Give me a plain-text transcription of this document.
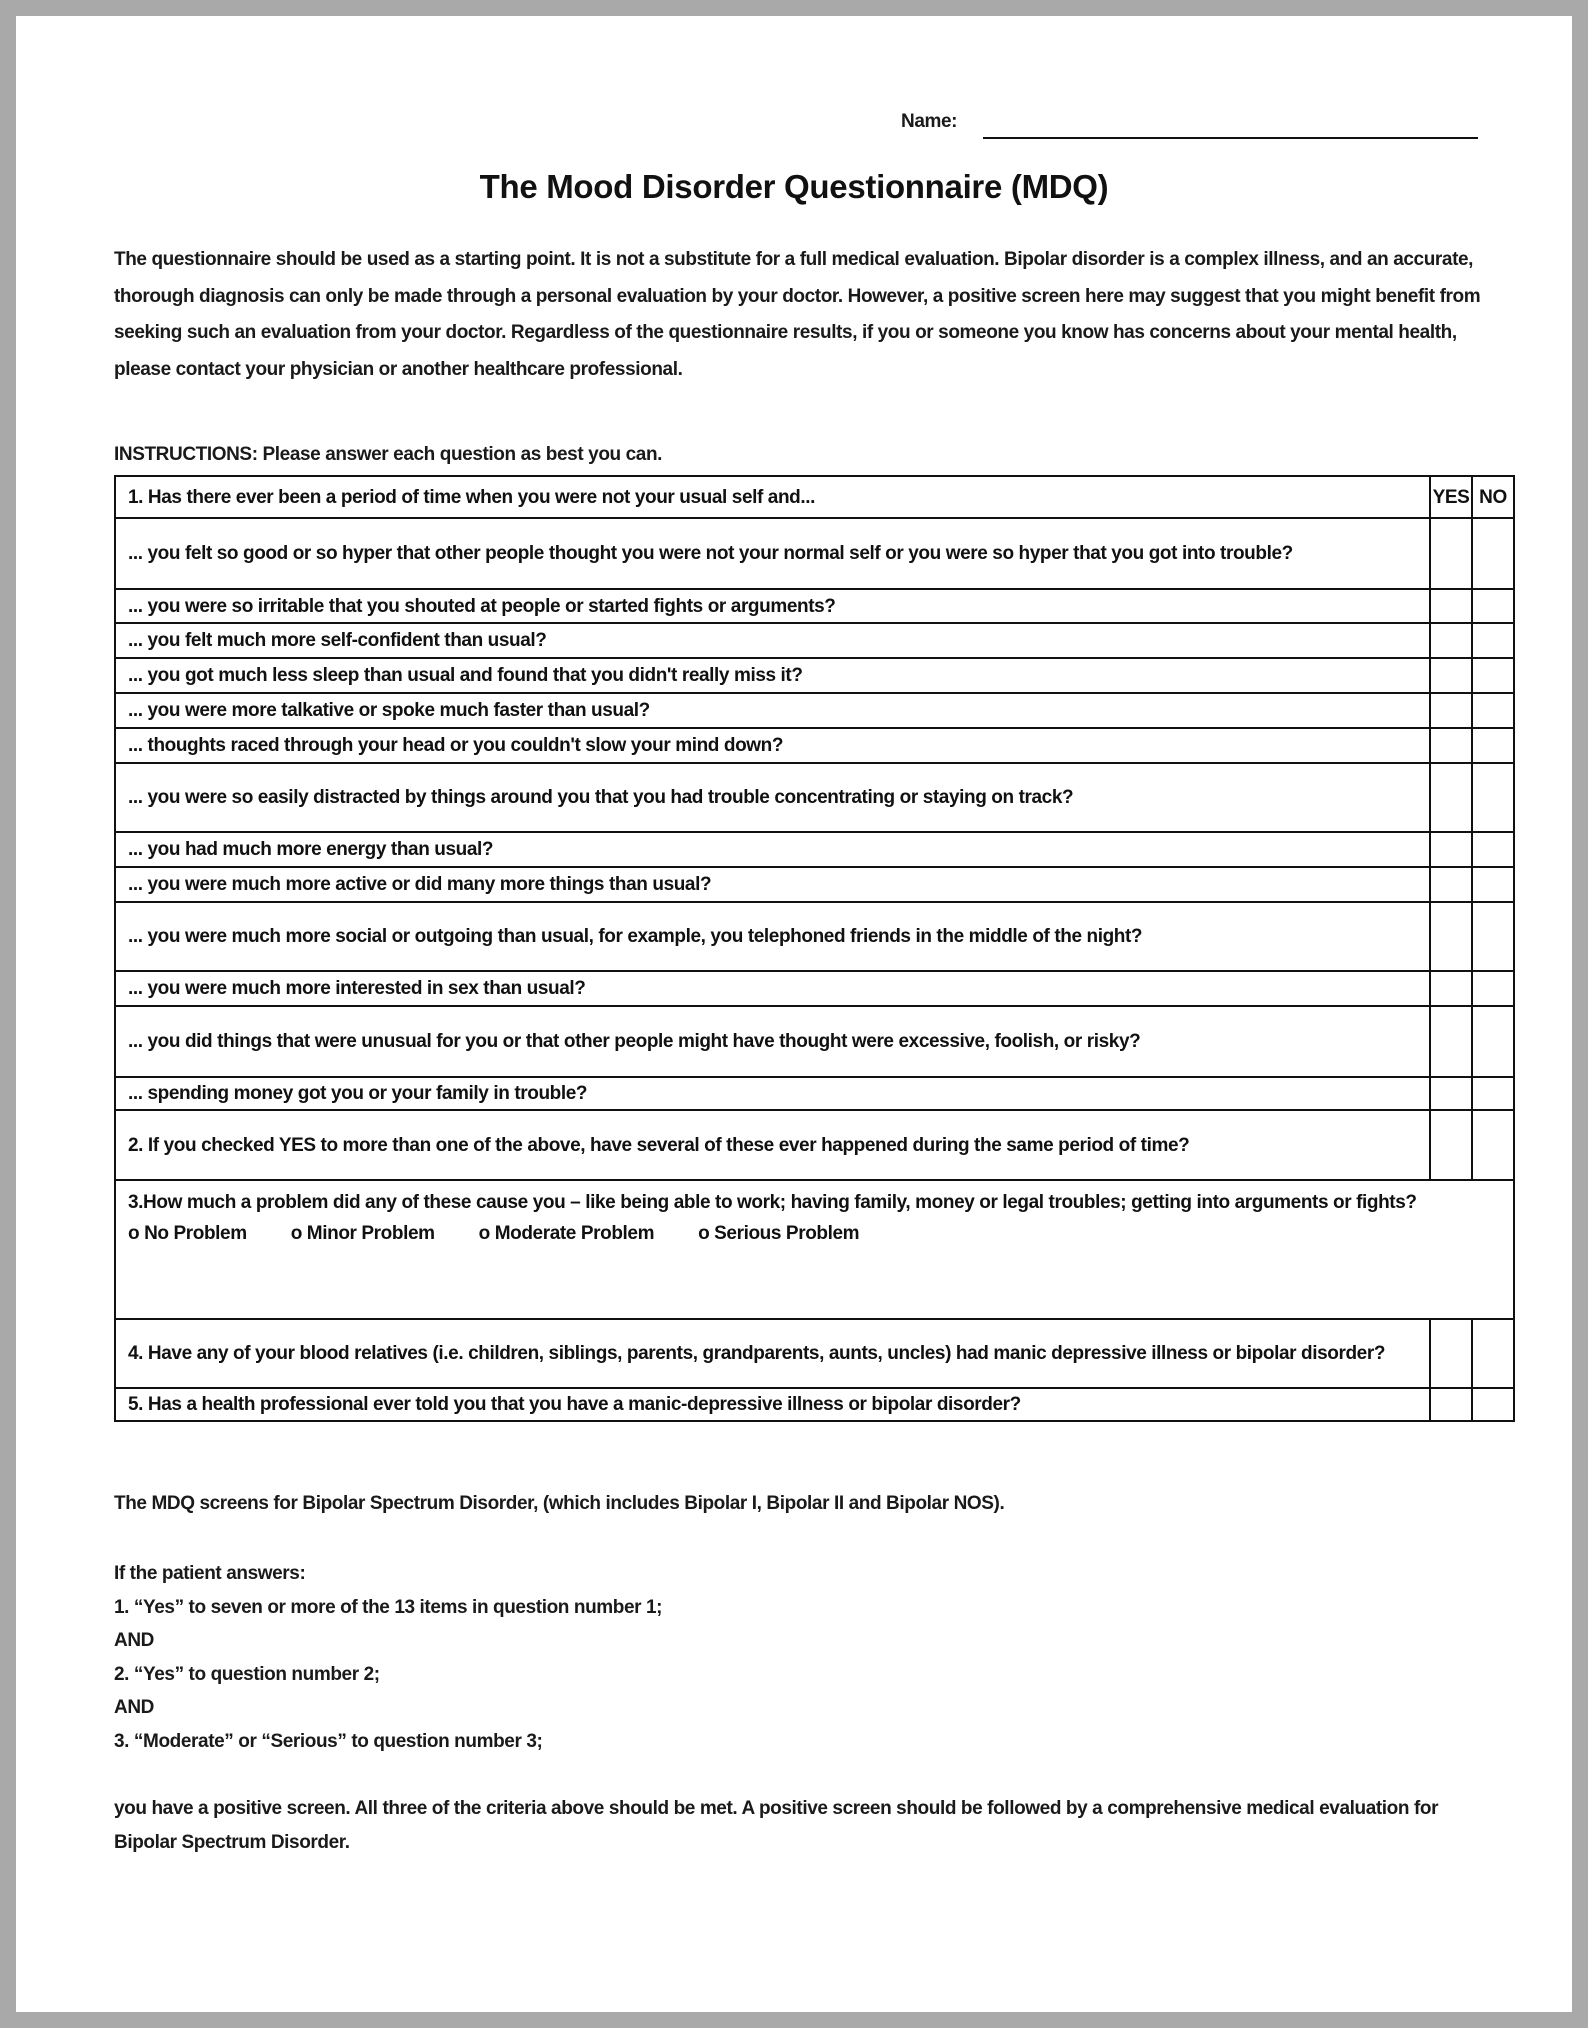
Name:
The Mood Disorder Questionnaire (MDQ)
The questionnaire should be used as a starting point. It is not a substitute for a full medical evaluation. Bipolar disorder is a complex illness, and an accurate, thorough diagnosis can only be made through a personal evaluation by your doctor. However, a positive screen here may suggest that you might benefit from seeking such an evaluation from your doctor. Regardless of the questionnaire results, if you or someone you know has concerns about your mental health, please contact your physician or another healthcare professional.
INSTRUCTIONS: Please answer each question as best you can.
1. Has there ever been a period of time when you were not your usual self and...	YES	NO
... you felt so good or so hyper that other people thought you were not your normal self or you were so hyper that you got into trouble?		
... you were so irritable that you shouted at people or started fights or arguments?		
... you felt much more self-confident than usual?		
... you got much less sleep than usual and found that you didn't really miss it?		
... you were more talkative or spoke much faster than usual?		
... thoughts raced through your head or you couldn't slow your mind down?		
... you were so easily distracted by things around you that you had trouble concentrating or staying on track?		
... you had much more energy than usual?		
... you were much more active or did many more things than usual?		
... you were much more social or outgoing than usual, for example, you telephoned friends in the middle of the night?		
... you were much more interested in sex than usual?		
... you did things that were unusual for you or that other people might have thought were excessive, foolish, or risky?		
... spending money got you or your family in trouble?		
2. If you checked YES to more than one of the above, have several of these ever happened during the same period of time?		

3.How much a problem did any of these cause you – like being able to work; having family, money or legal troubles; getting into arguments or fights?
o No Problem o Minor Problem o Moderate Problem o Serious Problem		

4. Have any of your blood relatives (i.e. children, siblings, parents, grandparents, aunts, uncles) had manic depressive illness or bipolar disorder?		
5. Has a health professional ever told you that you have a manic-depressive illness or bipolar disorder?		
The MDQ screens for Bipolar Spectrum Disorder, (which includes Bipolar I, Bipolar II and Bipolar NOS).
If the patient answers:
1. “Yes” to seven or more of the 13 items in question number 1;
AND
2. “Yes” to question number 2;
AND
3. “Moderate” or “Serious” to question number 3;
you have a positive screen. All three of the criteria above should be met. A positive screen should be followed by a comprehensive medical evaluation for Bipolar Spectrum Disorder.
